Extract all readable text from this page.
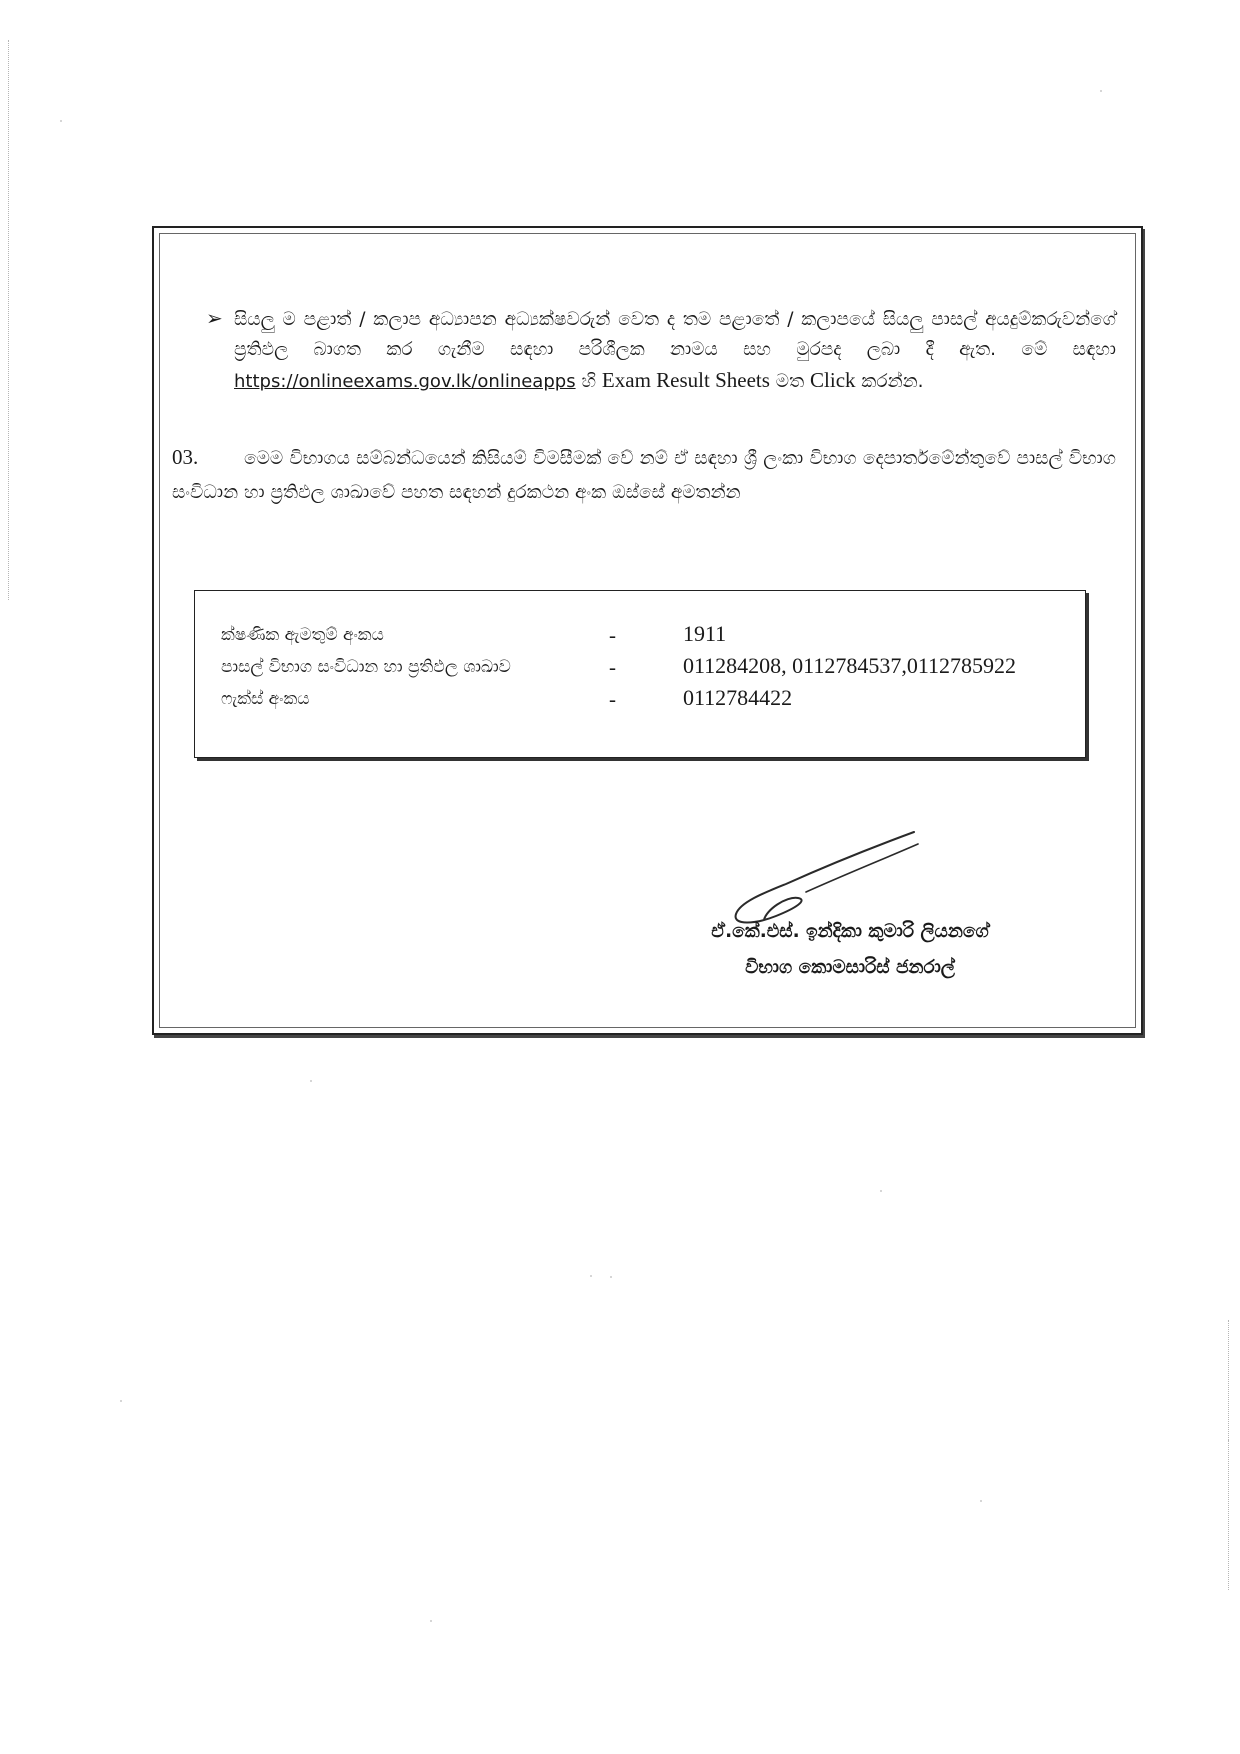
➢ සියලු ම පළාත් / කලාප අධ්‍යාපන අධ්‍යක්ෂවරුන් වෙත ද තම පළාතේ / කලාපයේ සියලු පාසල් අයදුම්කරුවන්ගේ ප්‍රතිඵල බාගත කර ගැනීම සඳහා පරිශීලක නාමය සහ මුරපද ලබා දී ඇත. මේ සඳහා https://onlineexams.gov.lk/onlineapps හි Exam Result Sheets මත Click කරන්න.
03. මෙම විභාගය සම්බන්ධයෙන් කිසියම් විමසීමක් වේ නම් ඒ සඳහා ශ්‍රී ලංකා විභාග දෙපාර්තමේන්තුවේ පාසල් විභාග සංවිධාන හා ප්‍රතිඵල ශාඛාවේ පහත සඳහන් දුරකථන අංක ඔස්සේ අමතන්න
ක්ෂණික ඇමතුම් අංකය	-	1911
පාසල් විභාග සංවිධාන හා ප්‍රතිඵල ශාඛාව	-	011284208, 0112784537,0112785922
ෆැක්ස් අංකය	-	0112784422
ඒ.කේ.එස්. ඉන්දිකා කුමාරි ලියනගේ
විභාග කොමසාරිස් ජනරාල්
